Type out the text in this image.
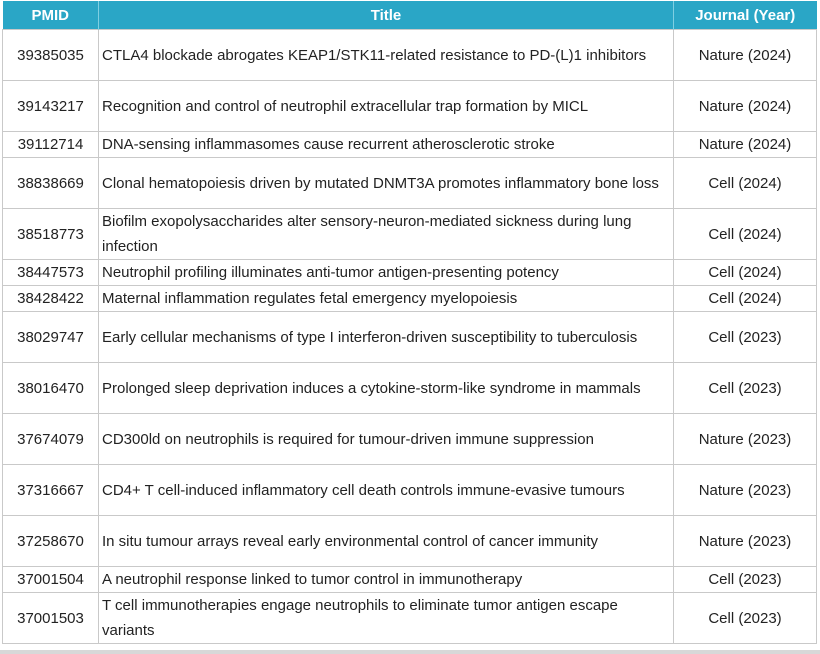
PMID	Title	Journal (Year)
39385035	CTLA4 blockade abrogates KEAP1/STK11-related resistance to PD-(L)1 inhibitors	Nature (2024)
39143217	Recognition and control of neutrophil extracellular trap formation by MICL	Nature (2024)
39112714	DNA-sensing inflammasomes cause recurrent atherosclerotic stroke	Nature (2024)
38838669	Clonal hematopoiesis driven by mutated DNMT3A promotes inflammatory bone loss	Cell (2024)
38518773	Biofilm exopolysaccharides alter sensory-neuron-mediated sickness during lung infection	Cell (2024)
38447573	Neutrophil profiling illuminates anti-tumor antigen-presenting potency	Cell (2024)
38428422	Maternal inflammation regulates fetal emergency myelopoiesis	Cell (2024)
38029747	Early cellular mechanisms of type I interferon-driven susceptibility to tuberculosis	Cell (2023)
38016470	Prolonged sleep deprivation induces a cytokine-storm-like syndrome in mammals	Cell (2023)
37674079	CD300ld on neutrophils is required for tumour-driven immune suppression	Nature (2023)
37316667	CD4+ T cell-induced inflammatory cell death controls immune-evasive tumours	Nature (2023)
37258670	In situ tumour arrays reveal early environmental control of cancer immunity	Nature (2023)
37001504	A neutrophil response linked to tumor control in immunotherapy	Cell (2023)
37001503	T cell immunotherapies engage neutrophils to eliminate tumor antigen escape variants	Cell (2023)
